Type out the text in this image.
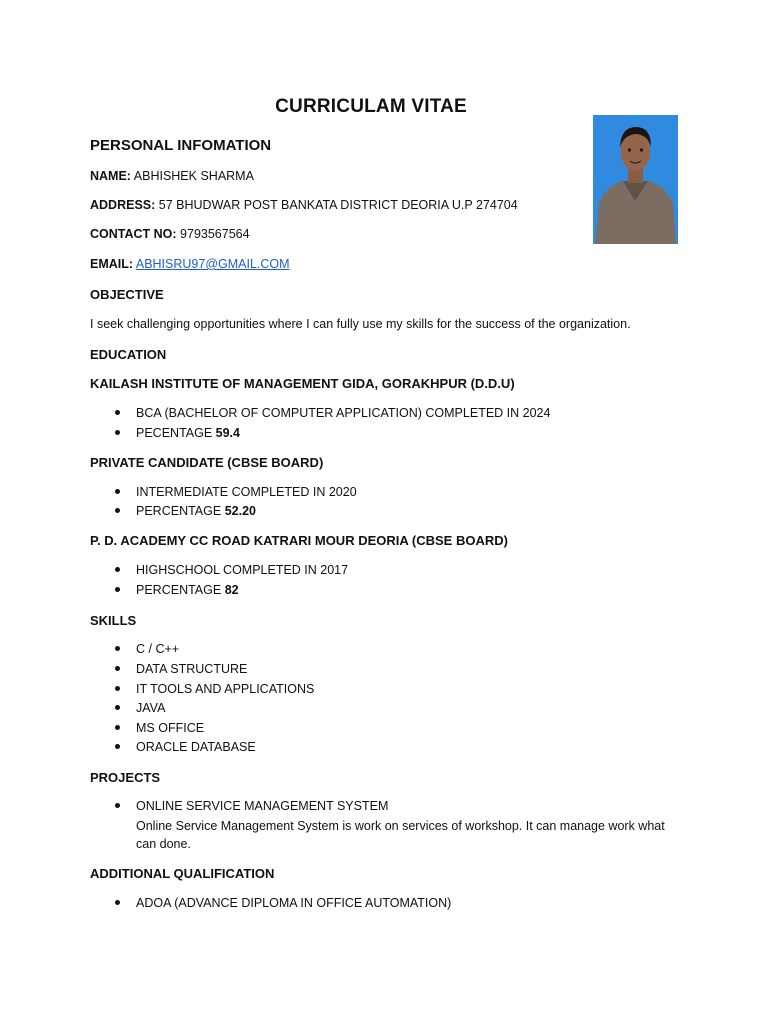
CURRICULAM VITAE
PERSONAL INFOMATION
NAME: ABHISHEK SHARMA
ADDRESS: 57 BHUDWAR POST BANKATA DISTRICT DEORIA U.P 274704
CONTACT NO: 9793567564
EMAIL: ABHISRU97@GMAIL.COM
OBJECTIVE
I seek challenging opportunities where I can fully use my skills for the success of the organization.
EDUCATION
KAILASH INSTITUTE OF MANAGEMENT GIDA, GORAKHPUR (D.D.U)
BCA (BACHELOR OF COMPUTER APPLICATION) COMPLETED IN 2024
PECENTAGE 59.4
PRIVATE CANDIDATE (CBSE BOARD)
INTERMEDIATE COMPLETED IN 2020
PERCENTAGE 52.20
P. D. ACADEMY CC ROAD KATRARI MOUR DEORIA (CBSE BOARD)
HIGHSCHOOL COMPLETED IN 2017
PERCENTAGE 82
SKILLS
C / C++
DATA STRUCTURE
IT TOOLS AND APPLICATIONS
JAVA
MS OFFICE
ORACLE DATABASE
PROJECTS
ONLINE SERVICE MANAGEMENT SYSTEM
Online Service Management System is work on services of workshop. It can manage work what
can done.
ADDITIONAL QUALIFICATION
ADOA (ADVANCE DIPLOMA IN OFFICE AUTOMATION)
